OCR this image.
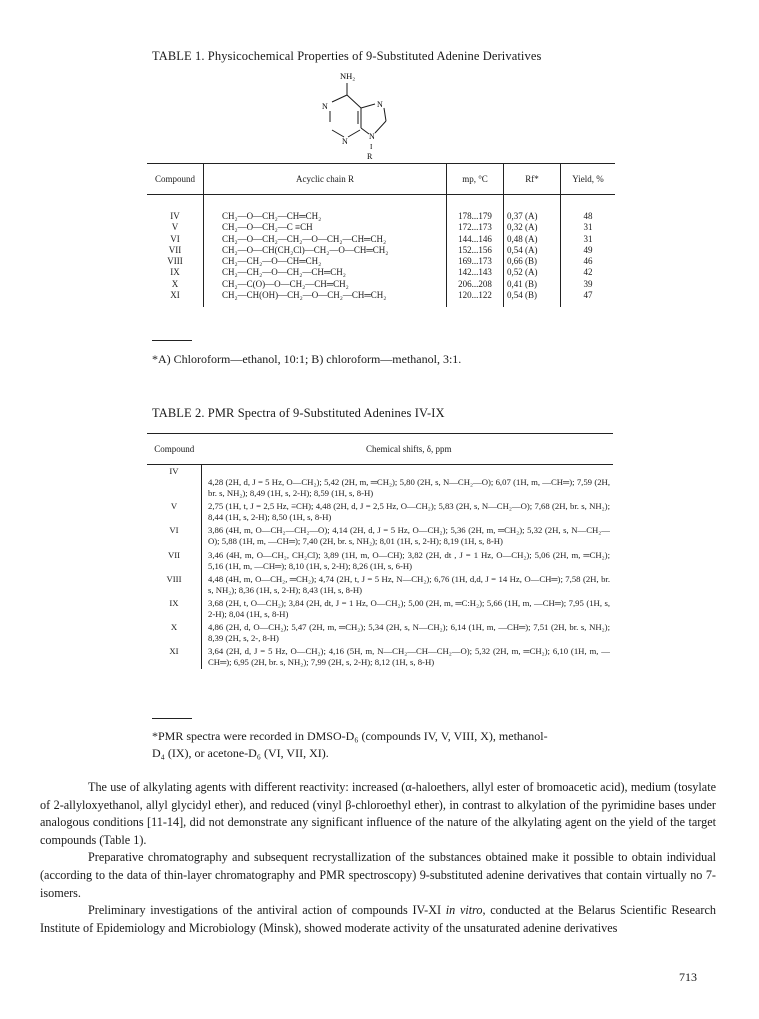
TABLE 1. Physicochemical Properties of 9-Substituted Adenine Derivatives
NH₂
N
N
N
N
I
R
Compound	Acyclic chain R	mp, °C	Rf*	Yield, %
IV	CH₂—O—CH₂—CH═CH₂	178...179	0,37 (A)	48
V	CH₂—O—CH₂—C ≡CH	172...173	0,32 (A)	31
VI	CH₂—O—CH₂—CH₂—O—CH₂—CH═CH₂	144...146	0,48 (A)	31
VII	CH₂—O—CH(CH₂Cl)—CH₂—O—CH═CH₂	152...156	0,54 (A)	49
VIII	CH₂—CH₂—O—CH═CH₂	169...173	0,66 (B)	46
IX	CH₂—CH₂—O—CH₂—CH═CH₂	142...143	0,52 (A)	42
X	CH₂—C(O)—O—CH₂—CH═CH₂	206...208	0,41 (B)	39
XI	CH₂—CH(OH)—CH₂—O—CH₂—CH═CH₂	120...122	0,54 (B)	47
*A) Chloroform—ethanol, 10:1; B) chloroform—methanol, 3:1.
TABLE 2. PMR Spectra of 9-Substituted Adenines IV-IX
Compound	Chemical shifts, δ, ppm
IV	4,28 (2H, d, J = 5 Hz, O—CH₂); 5,42 (2H, m, ═CH₂); 5,80 (2H, s, N—CH₂—O); 6,07 (1H, m, —CH═); 7,59 (2H, br. s, NH₂); 8,49 (1H, s, 2-H); 8,59 (1H, s, 8-H)
V	2,75 (1H, t, J = 2,5 Hz, ≡CH); 4,48 (2H, d, J = 2,5 Hz, O—CH₂); 5,83 (2H, s, N—CH₂—O); 7,68 (2H, br. s, NH₂); 8,44 (1H, s, 2-H); 8,50 (1H, s, 8-H)
VI	3,86 (4H, m, O—CH₂—CH₂—O); 4,14 (2H, d, J = 5 Hz, O—CH₂); 5,36 (2H, m, ═CH₂); 5,32 (2H, s, N—CH₂—O); 5,88 (1H, m, —CH═); 7,40 (2H, br. s, NH₂); 8,01 (1H, s, 2-H); 8,19 (1H, s, 8-H)
VII	3,46 (4H, m, O—CH₂, CH₂Cl); 3,89 (1H, m, O—CH); 3,82 (2H, dt , J = 1 Hz, O—CH₂); 5,06 (2H, m, ═CH₂); 5,16 (1H, m, —CH═); 8,10 (1H, s, 2-H); 8,26 (1H, s, 6-H)
VIII	4,48 (4H, m, O—CH₂, ═CH₂); 4,74 (2H, t, J = 5 Hz, N—CH₂); 6,76 (1H, d,d, J = 14 Hz, O—CH═); 7,58 (2H, br. s, NH₂); 8,36 (1H, s, 2-H); 8,43 (1H, s, 8-H)
IX	3,68 (2H, t, O—CH₂); 3,84 (2H, dt, J = 1 Hz, O—CH₂); 5,00 (2H, m, ═C:H₂); 5,66 (1H, m, —CH═); 7,95 (1H, s, 2-H); 8,04 (1H, s, 8-H)
X	4,86 (2H, d, O—CH₂); 5,47 (2H, m, ═CH₂); 5,34 (2H, s, N—CH₂); 6,14 (1H, m, —CH═); 7,51 (2H, br. s, NH₂); 8,39 (2H, s, 2-, 8-H)
XI	3,64 (2H, d, J = 5 Hz, O—CH₂); 4,16 (5H, m, N—CH₂—CH—CH₂—O); 5,32 (2H, m, ═CH₂); 6,10 (1H, m, —CH═); 6,95 (2H, br. s, NH₂); 7,99 (2H, s, 2-H); 8,12 (1H, s, 8-H)
*PMR spectra were recorded in DMSO-D₆ (compounds IV, V, VIII, X), methanol-
D₄ (IX), or acetone-D₆ (VI, VII, XI).

The use of alkylating agents with different reactivity: increased (α-haloethers, allyl ester of bromoacetic acid), medium (tosylate of 2-allyloxyethanol, allyl glycidyl ether), and reduced (vinyl β-chloroethyl ether), in contrast to alkylation of the pyrimidine bases under analogous conditions [11-14], did not demonstrate any significant influence of the nature of the alkylating agent on the yield of the target compounds (Table 1).

Preparative chromatography and subsequent recrystallization of the substances obtained make it possible to obtain individual (according to the data of thin-layer chromatography and PMR spectroscopy) 9-substituted adenine derivatives that contain virtually no 7-isomers.

Preliminary investigations of the antiviral action of compounds IV-XI in vitro, conducted at the Belarus Scientific Research Institute of Epidemiology and Microbiology (Minsk), showed moderate activity of the unsaturated adenine derivatives

713
